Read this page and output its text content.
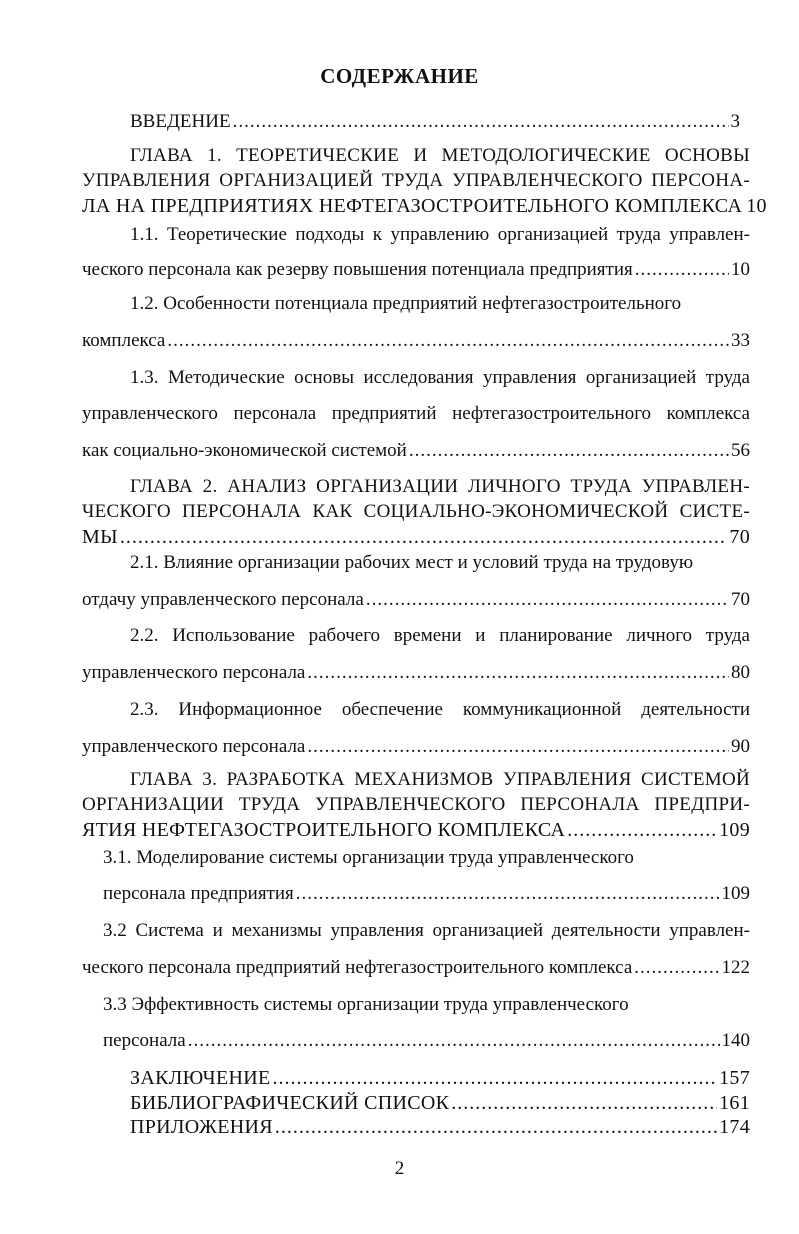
СОДЕРЖАНИЕ
ВВЕДЕНИЕ .....	3
ГЛАВА 1. ТЕОРЕТИЧЕСКИЕ И МЕТОДОЛОГИЧЕСКИЕ ОСНОВЫ
УПРАВЛЕНИЯ ОРГАНИЗАЦИЕЙ ТРУДА УПРАВЛЕНЧЕСКОГО ПЕРСОНА-
ЛА НА ПРЕДПРИЯТИЯХ НЕФТЕГАЗОСТРОИТЕЛЬНОГО КОМПЛЕКСА 10
1.1. Теоретические подходы к управлению организацией труда управлен-
ческого персонала как резерву повышения потенциала предприятия .....	10
1.2. Особенности потенциала предприятий нефтегазостроительного
комплекса .....	33
1.3. Методические основы исследования управления организацией труда
управленческого персонала предприятий нефтегазостроительного комплекса
как социально-экономической системой .....	56
ГЛАВА 2. АНАЛИЗ ОРГАНИЗАЦИИ ЛИЧНОГО ТРУДА УПРАВЛЕН-
ЧЕСКОГО ПЕРСОНАЛА КАК СОЦИАЛЬНО-ЭКОНОМИЧЕСКОЙ СИСТЕ-
МЫ .....	70
2.1. Влияние организации рабочих мест и условий труда на трудовую
отдачу управленческого персонала .....	70
2.2. Использование рабочего времени и планирование личного труда
управленческого персонала .....	80
2.3. Информационное обеспечение коммуникационной деятельности
управленческого персонала .....	90
ГЛАВА 3. РАЗРАБОТКА МЕХАНИЗМОВ УПРАВЛЕНИЯ СИСТЕМОЙ
ОРГАНИЗАЦИИ ТРУДА УПРАВЛЕНЧЕСКОГО ПЕРСОНАЛА ПРЕДПРИ-
ЯТИЯ НЕФТЕГАЗОСТРОИТЕЛЬНОГО КОМПЛЕКСА .....	109
3.1. Моделирование системы организации труда управленческого
персонала предприятия .....	109
3.2 Система и механизмы управления организацией деятельности управлен-
ческого персонала предприятий нефтегазостроительного комплекса .....	122
3.3 Эффективность системы организации труда управленческого
персонала .....	140
ЗАКЛЮЧЕНИЕ .....	157
БИБЛИОГРАФИЧЕСКИЙ СПИСОК .....	161
ПРИЛОЖЕНИЯ .....	174
2
